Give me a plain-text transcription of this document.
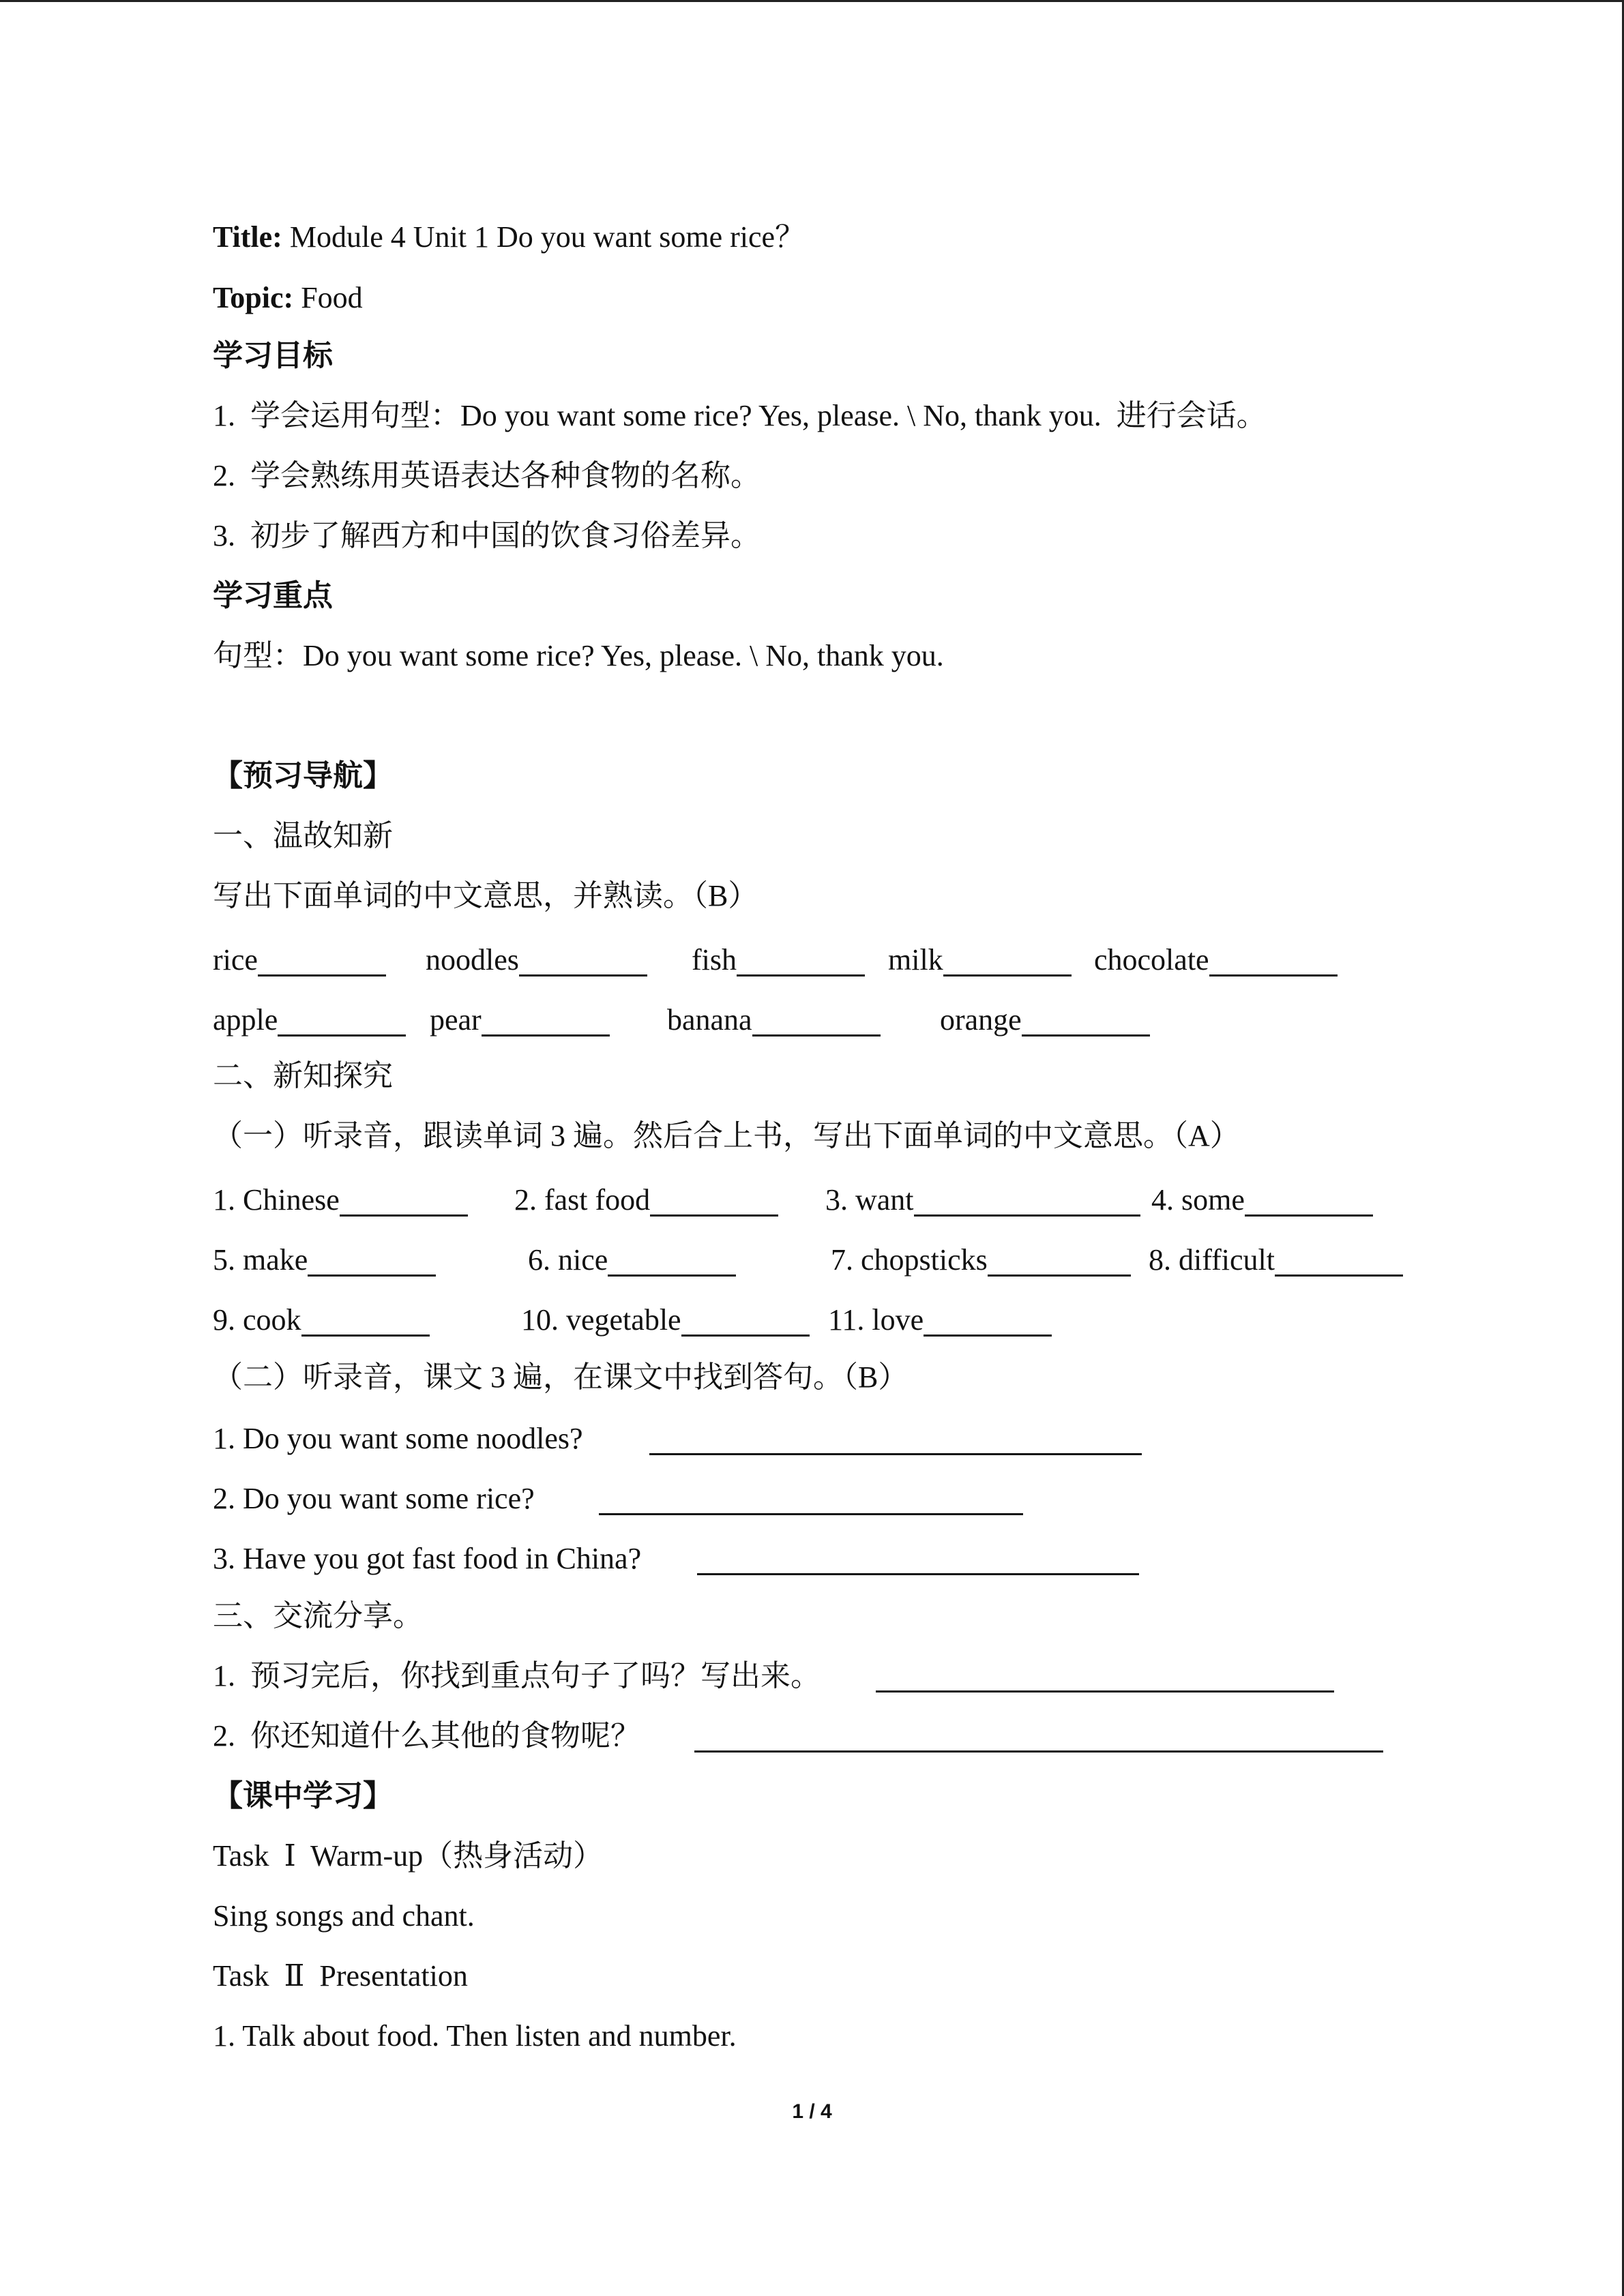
Title: Module 4 Unit 1 Do you want some rice？
Topic: Food
学习目标
1.  学会运用句型：Do you want some rice? Yes, please. \ No, thank you.  进行会话。
2.  学会熟练用英语表达各种食物的名称。
3.  初步了解西方和中国的饮食习俗差异。
学习重点
句型：Do you want some rice? Yes, please. \ No, thank you.
【预习导航】
一、温故知新
写出下面单词的中文意思，并熟读。（B）

rice

	noodles

	fish

	milk

	chocolate

apple

	pear

	banana

	orange

二、新知探究
（一）听录音，跟读单词 3 遍。然后合上书，写出下面单词的中文意思。（A）

1. Chinese

	2. fast food

	3. want

	4. some

5. make

	6. nice

	7. chopsticks

	8. difficult

9. cook

	10. vegetable

	11. love

（二）听录音，课文 3 遍，在课文中找到答句。（B）

1. Do you want some noodles?

2. Do you want some rice?

3. Have you got fast food in China?

三、交流分享。

1.  预习完后，你找到重点句子了吗？写出来。

2.  你还知道什么其他的食物呢？

【课中学习】
Task  Ⅰ  Warm-up（热身活动）
Sing songs and chant.
Task  Ⅱ  Presentation
1. Talk about food. Then listen and number.
1 / 4
